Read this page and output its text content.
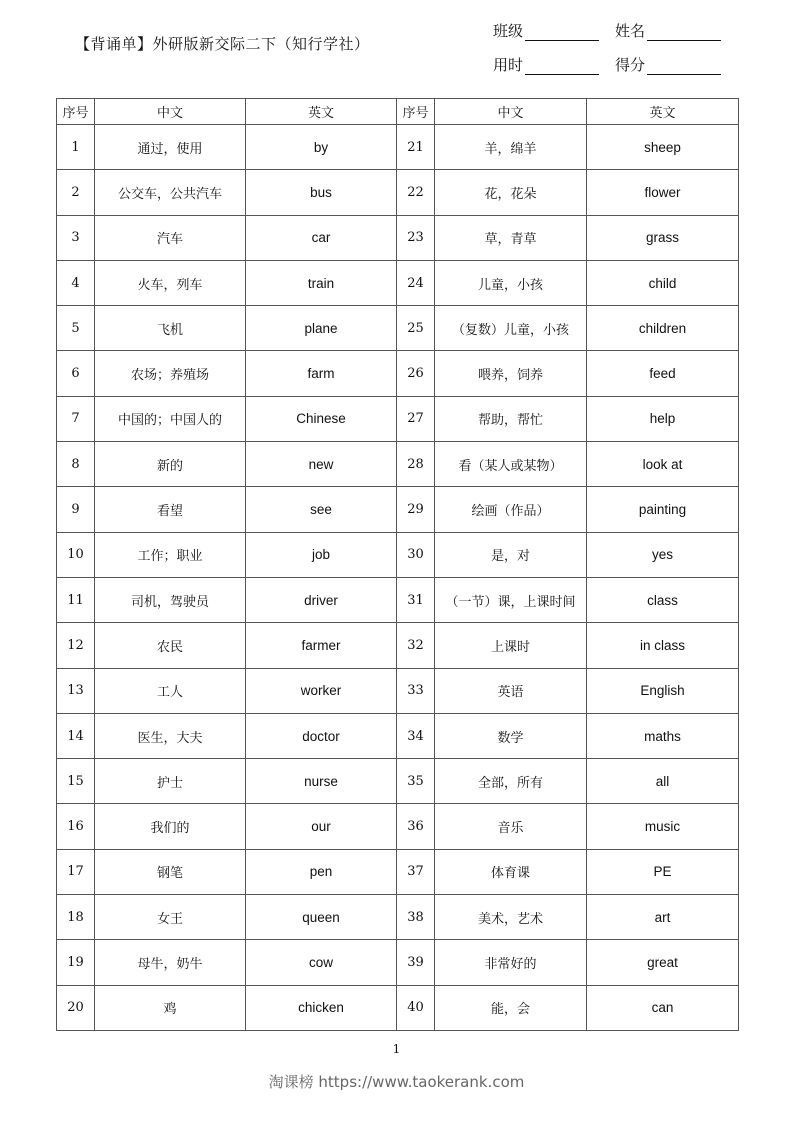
【背诵单】外研版新交际二下（知行学社）
班级	姓名
用时	得分
序号	中文	英文	序号	中文	英文
1	通过，使用	by	21	羊，绵羊	sheep
2	公交车，公共汽车	bus	22	花，花朵	flower
3	汽车	car	23	草，青草	grass
4	火车，列车	train	24	儿童，小孩	child
5	飞机	plane	25	（复数）儿童，小孩	children
6	农场；养殖场	farm	26	喂养，饲养	feed
7	中国的；中国人的	Chinese	27	帮助，帮忙	help
8	新的	new	28	看（某人或某物）	look at
9	看望	see	29	绘画（作品）	painting
10	工作；职业	job	30	是，对	yes
11	司机，驾驶员	driver	31	（一节）课，上课时间	class
12	农民	farmer	32	上课时	in class
13	工人	worker	33	英语	English
14	医生，大夫	doctor	34	数学	maths
15	护士	nurse	35	全部，所有	all
16	我们的	our	36	音乐	music
17	钢笔	pen	37	体育课	PE
18	女王	queen	38	美术，艺术	art
19	母牛，奶牛	cow	39	非常好的	great
20	鸡	chicken	40	能，会	can
1
淘课榜 https://www.taokerank.com
